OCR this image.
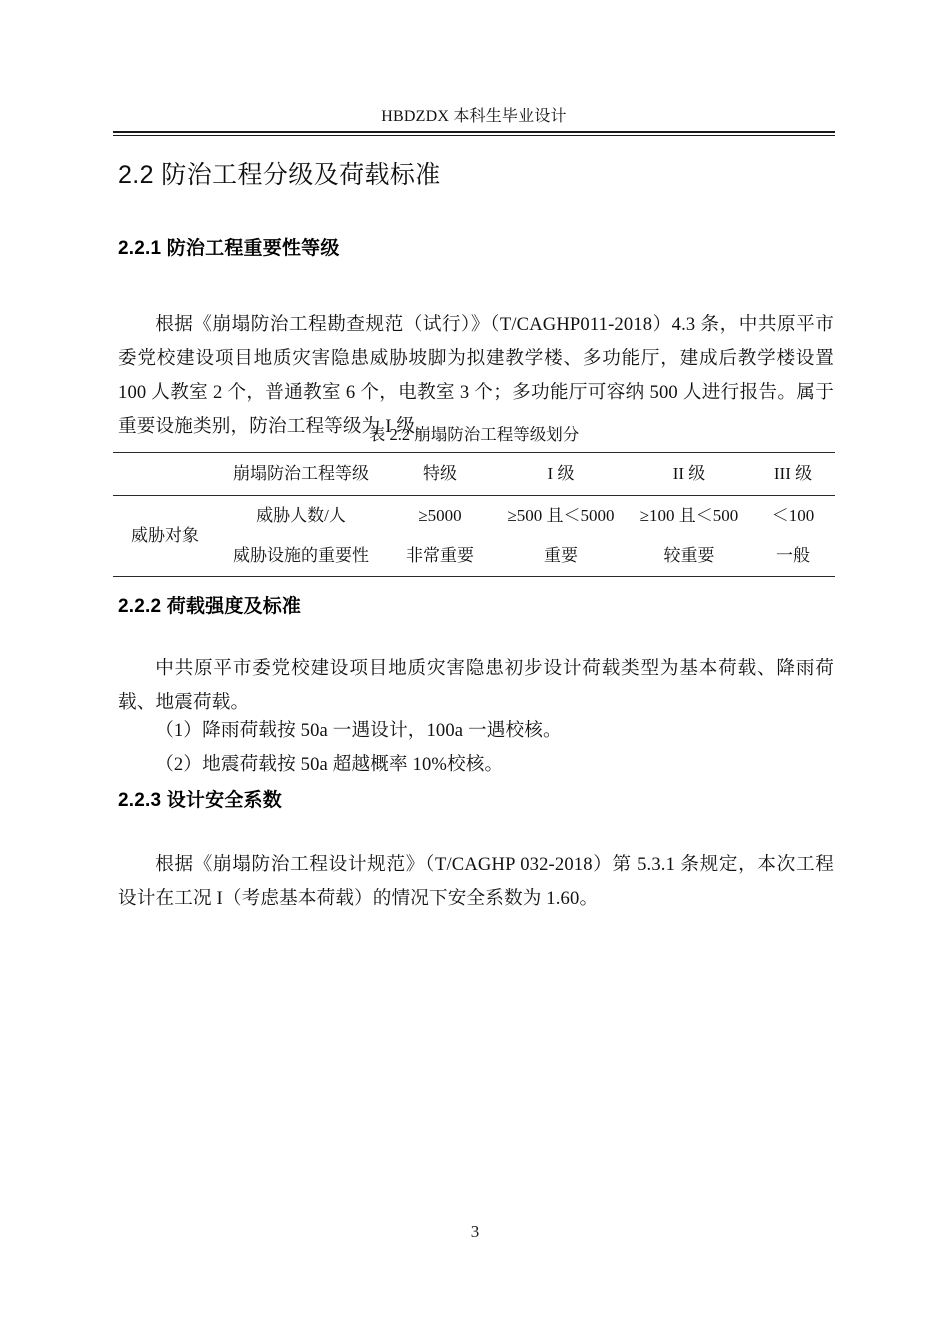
HBDZDX 本科生毕业设计
2.2 防治工程分级及荷载标准
2.2.1 防治工程重要性等级

根据《崩塌防治工程勘查规范（试行）》（T/CAGHP011-2018）4.3 条，中共原平市委党校建设项目地质灾害隐患威胁坡脚为拟建教学楼、多功能厅，建成后教学楼设置 100 人教室 2 个，普通教室 6 个，电教室 3 个；多功能厅可容纳 500 人进行报告。属于重要设施类别，防治工程等级为 I 级。

表 2.2 崩塌防治工程等级划分
	崩塌防治工程等级	特级	I 级	II 级	III 级
威胁对象	威胁人数/人	≥5000	≥500 且＜5000	≥100 且＜500	＜100
	威胁设施的重要性	非常重要	重要	较重要	一般
2.2.2 荷载强度及标准

中共原平市委党校建设项目地质灾害隐患初步设计荷载类型为基本荷载、降雨荷载、地震荷载。

（1）降雨荷载按 50a 一遇设计，100a 一遇校核。

（2）地震荷载按 50a 超越概率 10%校核。

2.2.3 设计安全系数

根据《崩塌防治工程设计规范》（T/CAGHP 032-2018）第 5.3.1 条规定，本次工程设计在工况 I（考虑基本荷载）的情况下安全系数为 1.60。

3
